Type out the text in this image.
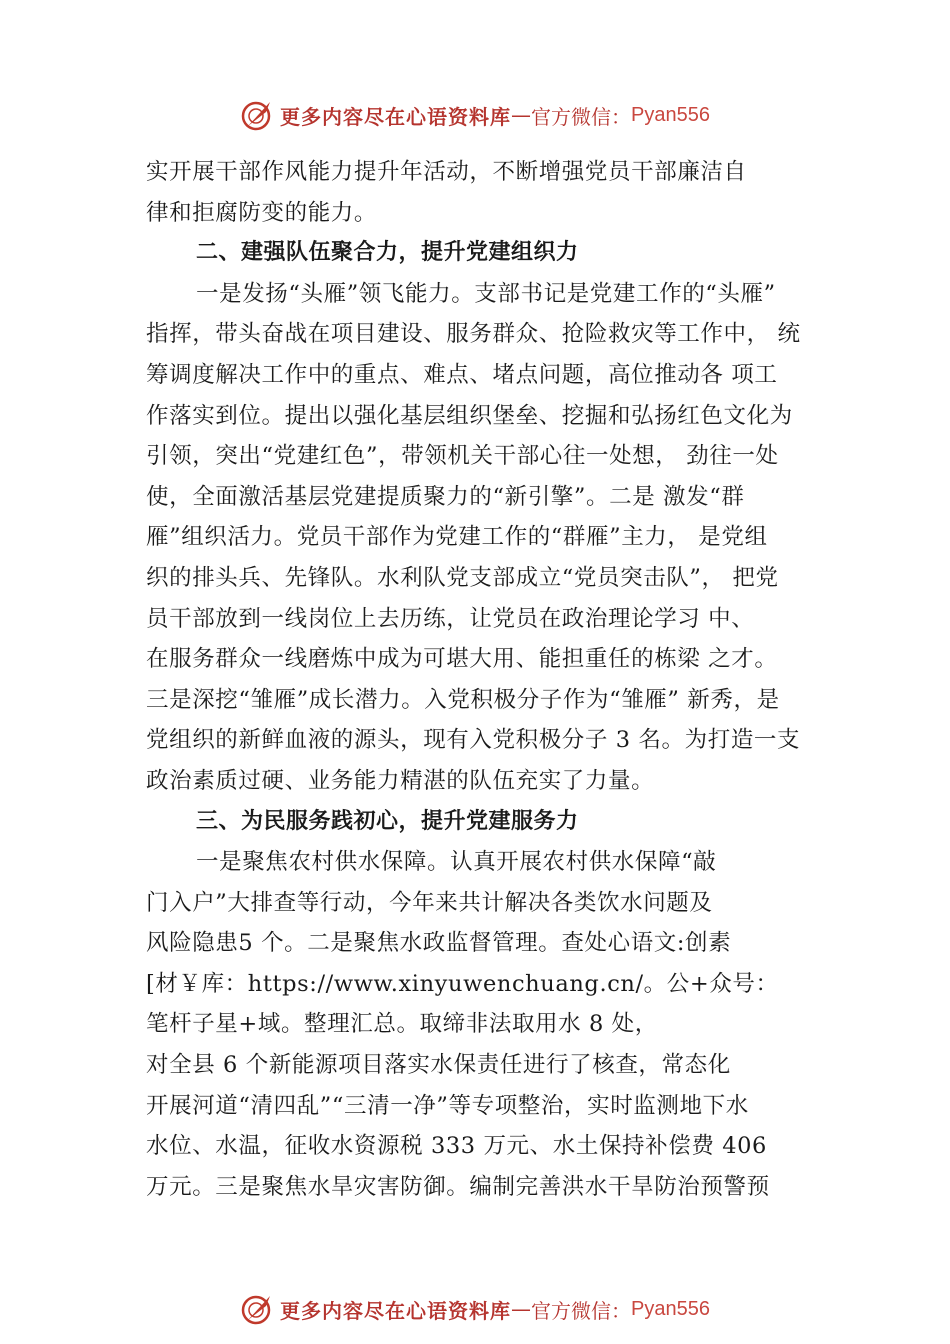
更多内容尽在心语资料库 — 官方微信： Pyan556
实开展干部作风能力提升年活动，不断增强党员干部廉洁自
律和拒腐防变的能力。
二、建强队伍聚合力，提升党建组织力
一是发扬“头雁”领飞能力。支部书记是党建工作的“头雁”
指挥，带头奋战在项目建设、服务群众、抢险救灾等工作中， 统
筹调度解决工作中的重点、难点、堵点问题，高位推动各 项工
作落实到位。提出以强化基层组织堡垒、挖掘和弘扬红色文化为
引领，突出“党建红色”，带领机关干部心往一处想， 劲往一处
使，全面激活基层党建提质聚力的“新引擎”。二是 激发“群
雁”组织活力。党员干部作为党建工作的“群雁”主力， 是党组
织的排头兵、先锋队。水利队党支部成立“党员突击队”， 把党
员干部放到一线岗位上去历练，让党员在政治理论学习 中、
在服务群众一线磨炼中成为可堪大用、能担重任的栋梁 之才。
三是深挖“雏雁”成长潜力。入党积极分子作为“雏雁” 新秀，是
党组织的新鲜血液的源头，现有入党积极分子 3 名。为打造一支
政治素质过硬、业务能力精湛的队伍充实了力量。
三、为民服务践初心，提升党建服务力
一是聚焦农村供水保障。认真开展农村供水保障“敲
门入户”大排查等行动，今年来共计解决各类饮水问题及
风险隐患5 个。二是聚焦水政监督管理。查处心语文:创素
[材￥库：https://www.xinyuwenchuang.cn/。公+众号：
笔杆子星+域。整理汇总。取缔非法取用水 8 处，
对全县 6 个新能源项目落实水保责任进行了核查，常态化
开展河道“清四乱”“三清一净”等专项整治，实时监测地下水
水位、水温，征收水资源税 333 万元、水土保持补偿费 406
万元。三是聚焦水旱灾害防御。编制完善洪水干旱防治预警预
更多内容尽在心语资料库 — 官方微信： Pyan556
